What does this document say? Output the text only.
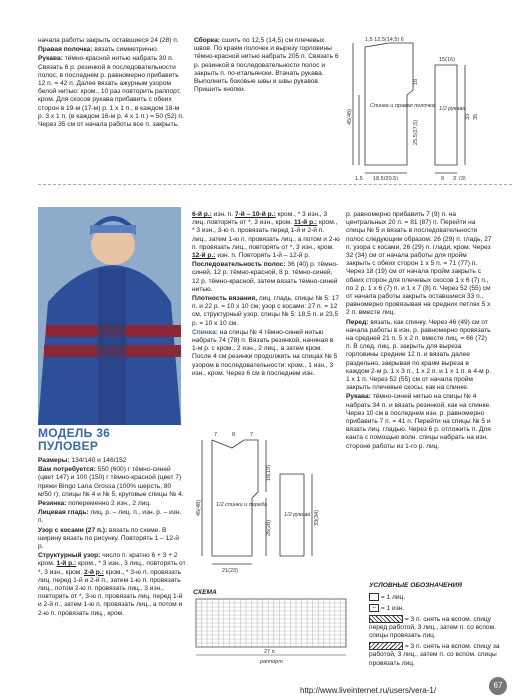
начала работы закрыть оставшиеся 24 (28) п.

Правая полочка: вязать симметрично.

Рукава: тёмно-красной нитью набрать 30 п. Связать 6 р. резинкой в последовательности полос, в последнем р. равномерно прибавить 12 п. = 42 п. Далее вязать ажурным узором белой нитью: кром., 10 раз повторить раппорт, кром. Для скосов рукава прибавить с обеих сторон в 19-м (17-м) р. 1 х 1 п., в каждом 18-м р. 3 х 1 п. (в каждом 16-м р. 4 х 1 п.) = 50 (52) п. Через 35 см от начала работы все п. закрыть.

Сборка: сшить по 12,5 (14,5) см плечевых швов. По краям полочек и вырезу горловины тёмно-красной нитью набрать 205 п. Связать 6 р. резинкой в последовательности полос и закрыть п. по-итальянски. Втачать рукава. Выполнить боковые швы и швы рукавов. Пришить кнопки.

1,5 12,5(14,5) 6
Спинка и правая полочка
45(48)
25,5(27,5)
18
18,5(20,5)
1,5
15(16)
1/2 рукава
33 35
9 3 (3)
МОДЕЛЬ 36
ПУЛОВЕР

Размеры: 134/140 и 146/152

Вам потребуется: 550 (600) г тёмно-синей (цвет 147) и 100 (150) г тёмно-красной (цвет 7) пряжи Bingo Lana Grossa (100% шерсть, 80 м/50 г); спицы № 4 и № 5, круговые спицы № 4.

Резинка: попеременно 2 изн., 2 лиц.

Лицевая гладь: лиц. р. – лиц. п., изн. р. – изн. п.

Узор с косами (27 п.): вязать по схеме. В ширину вязать по рисунку. Повторять 1 – 12-й р.

Структурный узор: число п. кратно 6 + 3 + 2 кром. 1-й р.: кром., * 3 изн., 3 лиц., повторять от *, 3 изн., кром. 2-й р.: кром., * 3-ю п. провязать лиц. перед 1-й и 2-й п., затем 1-ю п. провязать лиц., потом 2-ю п. провязать лиц., 3 изн., повторять от *, 3-ю п. провязать лиц. перед 1-й и 2-й п., затем 1-ю п. провязать лиц., а потом и 2-ю п. провязать лиц., кром.

6-й р.: изн. п. 7-й – 10-й р.: кром., * 3 изн., 3 лиц. повторять от *, 3 изн., кром. 11-й р.: кром., * 3 изн., 3-ю п. провязать перед 1-й и 2-й п. лиц., затем 1-ю п. провязать лиц., а потом и 2-ю п. провязать лиц., повторять от *, 3 изн., кром. 12-й р.: изн. п. Повторять 1-й – 12-й р.

Последовательность полос: 36 (40) р. тёмно-синей, 12 р. тёмно-красной, 8 р. тёмно-синей, 12 р. тёмно-красной, затем вязать тёмно-синей нитью.

Плотность вязания, лиц. гладь, спицы № 5: 17 п. и 22 р. = 10 х 10 см; узор с косами: 27 п. = 12 см, структурный узор, спицы № 5: 18,5 п. и 23,5 р. = 10 х 10 см.

Спинка: на спицы № 4 тёмно-синей нитью набрать 74 (78) п. Вязать резинкой, начиная в 1-м р. с кром., 2 изн., 2 лиц., а затем кром. После 4 см резинки продолжить на спицах № 5 узором в последовательности: кром., 1 изн., 3 изн., кром. Через 6 см в последнем изн.

р. равномерно прибавить 7 (9) п. на центральных 20 п. = 81 (87) п. Перейти на спицы № 5 и вязать в последовательности полос следующим образом: 26 (29) п. гладь, 27 п. узора с косами, 26 (29) п. глади, кром. Через 32 (34) см от начала работы для пройм закрыть с обеих сторон 1 х 5 п. = 71 (77) п. Через 18 (19) см от начала пройм закрыть с обеих сторон для плечевых скосов 1 х 6 (7) п., по 2 р. 1 х 6 (7) п. и 1 х 7 (8) п. Через 52 (55) см от начала работы закрыть оставшиеся 33 п., равномерно провязывая на средних петлях 5 х 2 п. вместе лиц.

Перед: вязать, как спинку. Через 46 (49) см от начала работы в изн. р. равномерно провязать на средней 21 п. 5 х 2 п. вместе лиц. = 66 (72) п. В след. лиц. р. закрыть для выреза горловины средние 12 п. и вязать далее раздельно, закрывая по краям выреза в каждом 2-м р. 1 х 3 п., 1 х 2 п. и 1 х 1 п. в 4-м р. 1 х 1 п. Через 52 (55) см от начала пройм закрыть плечевые скосы, как на спинке.

Рукава: тёмно-синей нитью на спицы № 4 набрать 34 п. и вязать резинкой, как на спинке. Через 10 см в последнем изн. р. равномерно прибавить 7 п. = 41 п. Перейти на спицы № 5 и вязать лиц. гладью. Через 6 р. отложить п. Для канта с помощью волн. спицы набрать на изн. стороне работы из 1-го р. лиц.

7	8	7
45(48)
26(28)
18(19)
21(23)
1/2 спинки и переда
1/2 рукава 33(34)
СХЕМА
27 п.
раппорт
УСЛОВНЫЕ ОБОЗНАЧЕНИЯ
= 1 лиц.
– = 1 изн.
= 3 п. снять на вспом. спицу перед работой, 3 лиц., затем п. со вспом. спицы провязать лиц.
= 3 п. снять на вспом. спицу за работой, 3 лиц., затем п. со вспом. спицы провязать лиц.
http://www.liveinternet.ru/users/vera-1/
67
